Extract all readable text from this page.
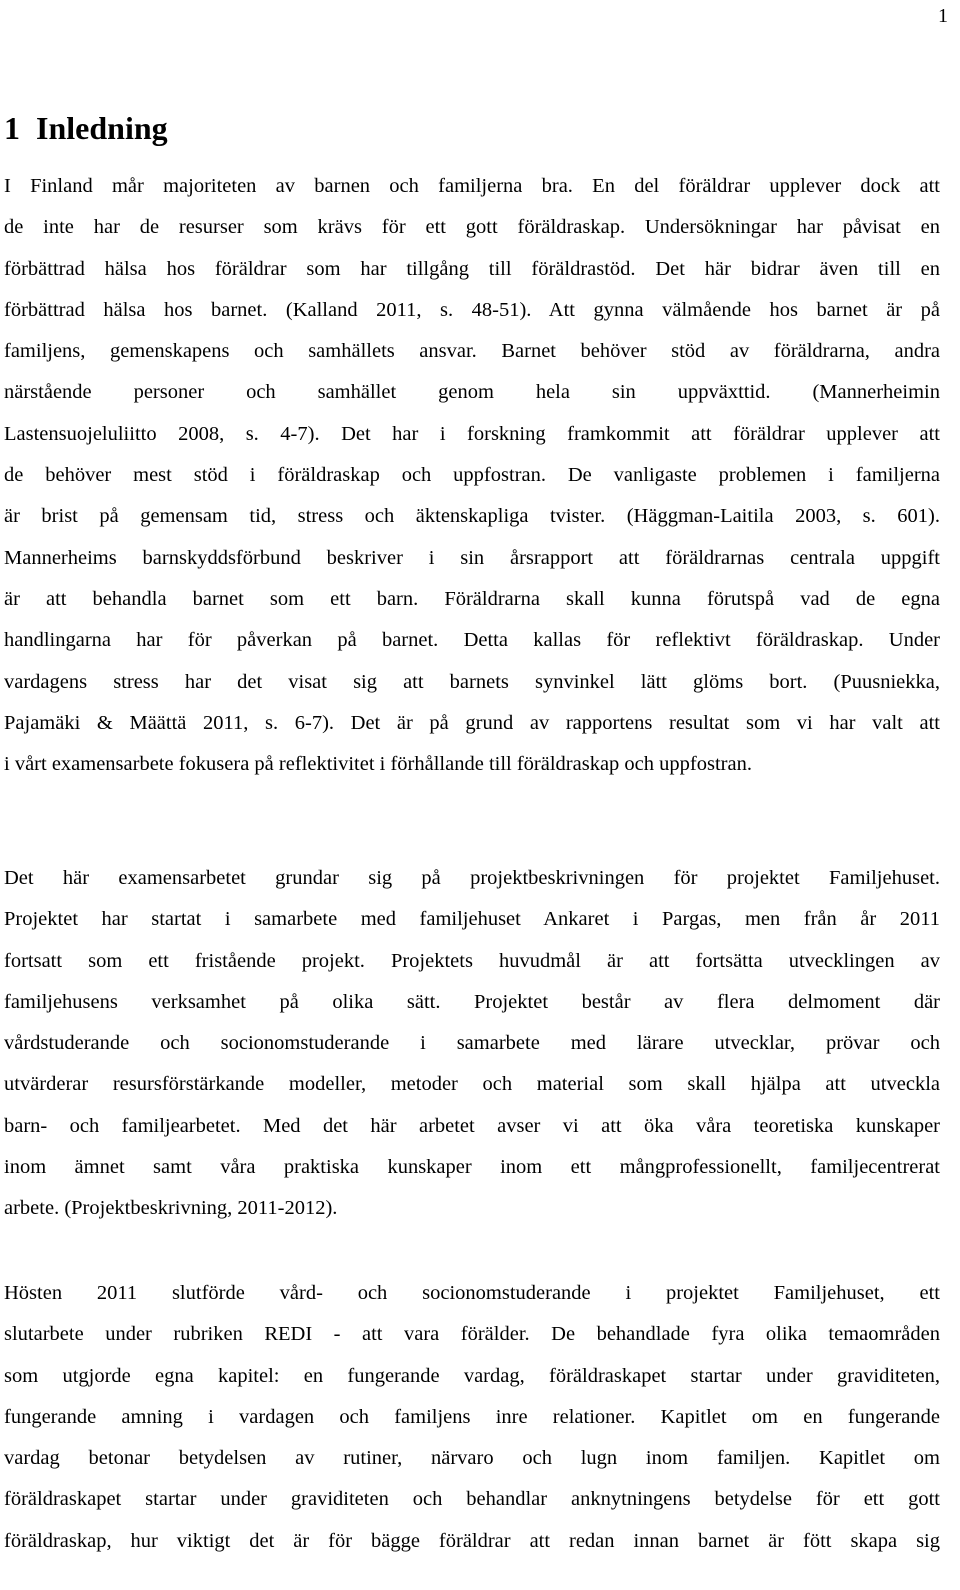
1
1 Inledning
I Finland mår majoriteten av barnen och familjerna bra. En del föräldrar upplever dock att
de inte har de resurser som krävs för ett gott föräldraskap. Undersökningar har påvisat en
förbättrad hälsa hos föräldrar som har tillgång till föräldrastöd. Det här bidrar även till en
förbättrad hälsa hos barnet. (Kalland 2011, s. 48-51). Att gynna välmående hos barnet är på
familjens, gemenskapens och samhällets ansvar. Barnet behöver stöd av föräldrarna, andra
närstående personer och samhället genom hela sin uppväxttid. (Mannerheimin
Lastensuojeluliitto 2008, s. 4-7). Det har i forskning framkommit att föräldrar upplever att
de behöver mest stöd i föräldraskap och uppfostran. De vanligaste problemen i familjerna
är brist på gemensam tid, stress och äktenskapliga tvister. (Häggman-Laitila 2003, s. 601).
Mannerheims barnskyddsförbund beskriver i sin årsrapport att föräldrarnas centrala uppgift
är att behandla barnet som ett barn. Föräldrarna skall kunna förutspå vad de egna
handlingarna har för påverkan på barnet. Detta kallas för reflektivt föräldraskap. Under
vardagens stress har det visat sig att barnets synvinkel lätt glöms bort. (Puusniekka,
Pajamäki & Määttä 2011, s. 6-7). Det är på grund av rapportens resultat som vi har valt att
i vårt examensarbete fokusera på reflektivitet i förhållande till föräldraskap och uppfostran.
Det här examensarbetet grundar sig på projektbeskrivningen för projektet Familjehuset.
Projektet har startat i samarbete med familjehuset Ankaret i Pargas, men från år 2011
fortsatt som ett fristående projekt. Projektets huvudmål är att fortsätta utvecklingen av
familjehusens verksamhet på olika sätt. Projektet består av flera delmoment där
vårdstuderande och socionomstuderande i samarbete med lärare utvecklar, prövar och
utvärderar resursförstärkande modeller, metoder och material som skall hjälpa att utveckla
barn- och familjearbetet. Med det här arbetet avser vi att öka våra teoretiska kunskaper
inom ämnet samt våra praktiska kunskaper inom ett mångprofessionellt, familjecentrerat
arbete. (Projektbeskrivning, 2011-2012).
Hösten 2011 slutförde vård- och socionomstuderande i projektet Familjehuset, ett
slutarbete under rubriken REDI - att vara förälder. De behandlade fyra olika temaområden
som utgjorde egna kapitel: en fungerande vardag, föräldraskapet startar under graviditeten,
fungerande amning i vardagen och familjens inre relationer. Kapitlet om en fungerande
vardag betonar betydelsen av rutiner, närvaro och lugn inom familjen. Kapitlet om
föräldraskapet startar under graviditeten och behandlar anknytningens betydelse för ett gott
föräldraskap, hur viktigt det är för bägge föräldrar att redan innan barnet är fött skapa sig
